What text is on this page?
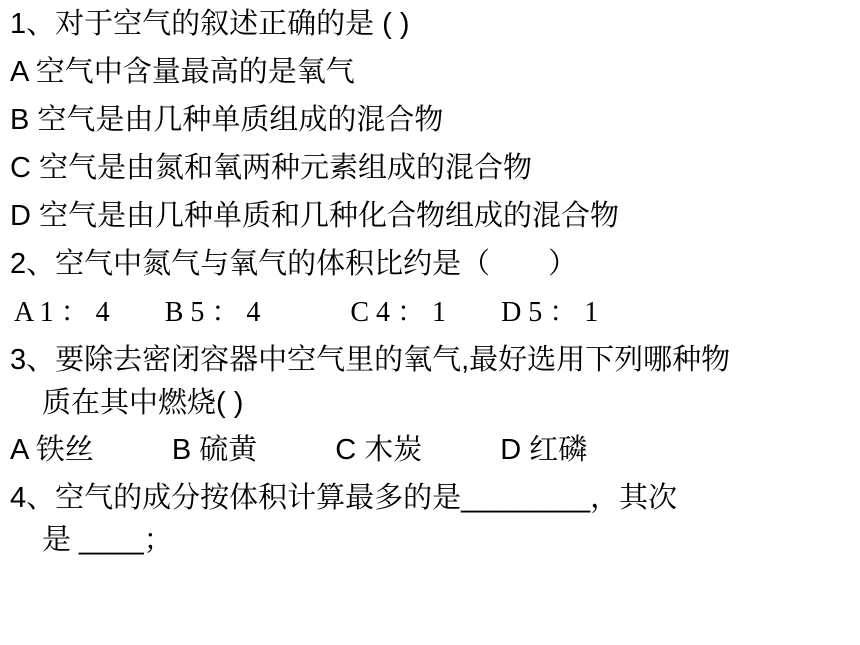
1、对于空气的叙述正确的是 ( )
A 空气中含量最高的是氧气
B 空气是由几种单质组成的混合物
C 空气是由氮和氧两种元素组成的混合物
D 空气是由几种单质和几种化合物组成的混合物
2、空气中氮气与氧气的体积比约是（　　）
A 1 ： 4 B 5 ： 4	C 4 ： 1 D 5 ： 1
3、要除去密闭容器中空气里的氧气,最好选用下列哪种物
质在其中燃烧( )
A 铁丝	B 硫黄	C 木炭	D 红磷
4、空气的成分按体积计算最多的是________，其次
是 ____；
